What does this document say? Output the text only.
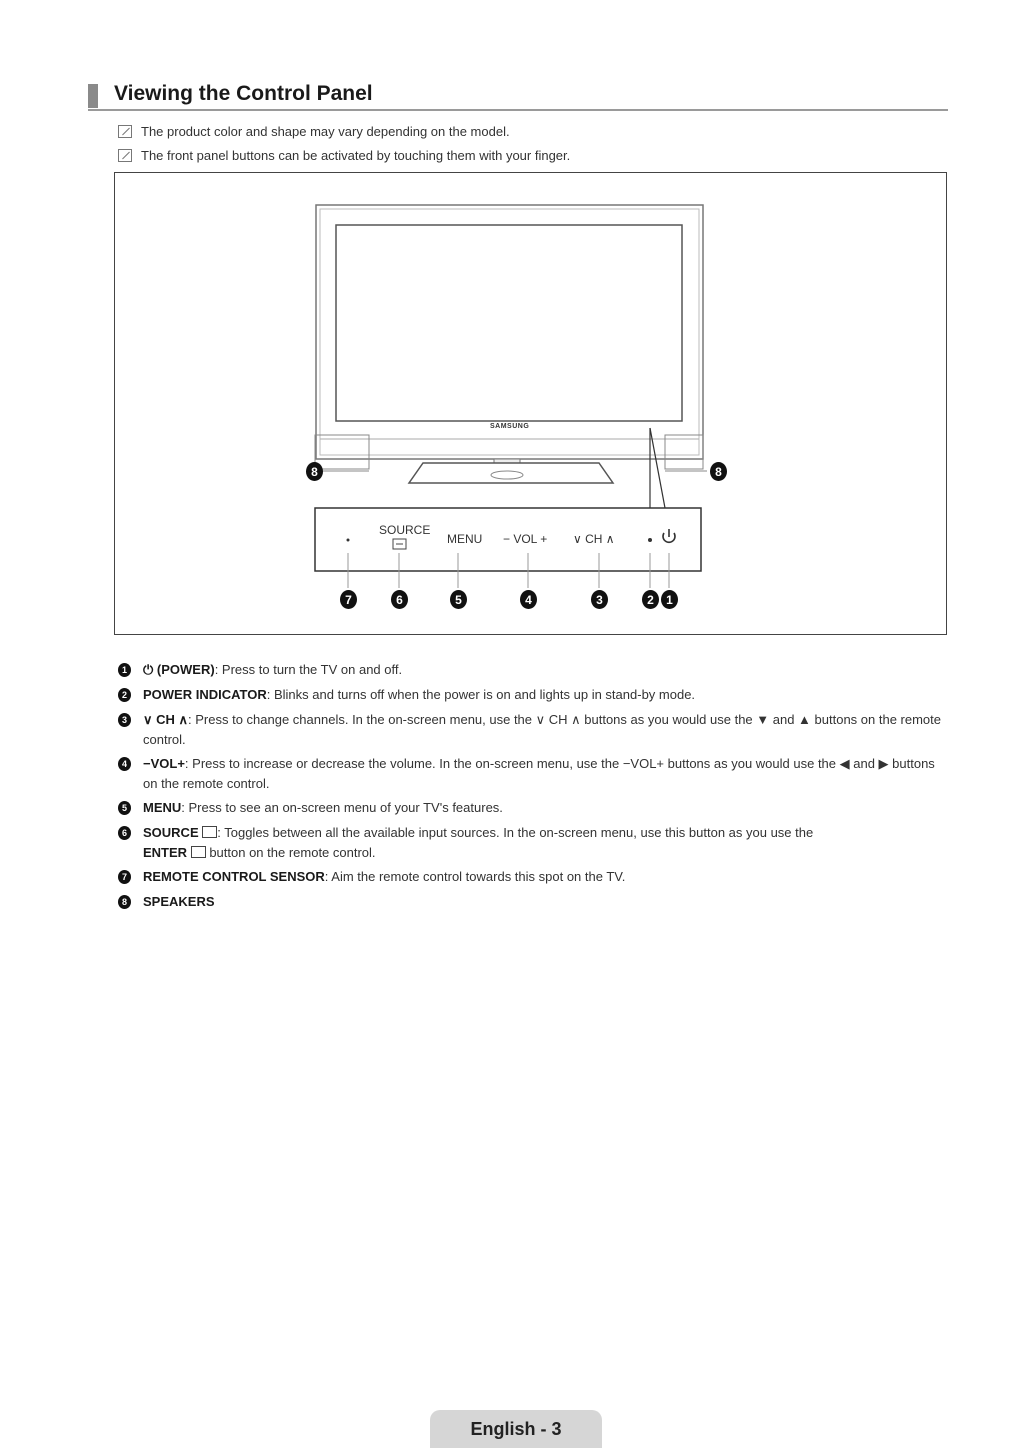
Viewing the Control Panel
The product color and shape may vary depending on the model.
The front panel buttons can be activated by touching them with your finger.
SAMSUNG
SOURCE
MENU − VOL + ∨ CH ∧
8	8
7	6	5	4	3	2	1
1	⏻ (POWER): Press to turn the TV on and off.
2	POWER INDICATOR: Blinks and turns off when the power is on and lights up in stand-by mode.
3	∨ CH ∧: Press to change channels. In the on-screen menu, use the ∨ CH ∧ buttons as you would use the ▼ and ▲ buttons on the remote control.
4	−VOL+: Press to increase or decrease the volume. In the on-screen menu, use the −VOL+ buttons as you would use the ◀ and ▶ buttons on the remote control.
5	MENU: Press to see an on-screen menu of your TV's features.
6	SOURCE : Toggles between all the available input sources. In the on-screen menu, use this button as you use the
ENTER button on the remote control.
7	REMOTE CONTROL SENSOR: Aim the remote control towards this spot on the TV.
8	SPEAKERS
English - 3
